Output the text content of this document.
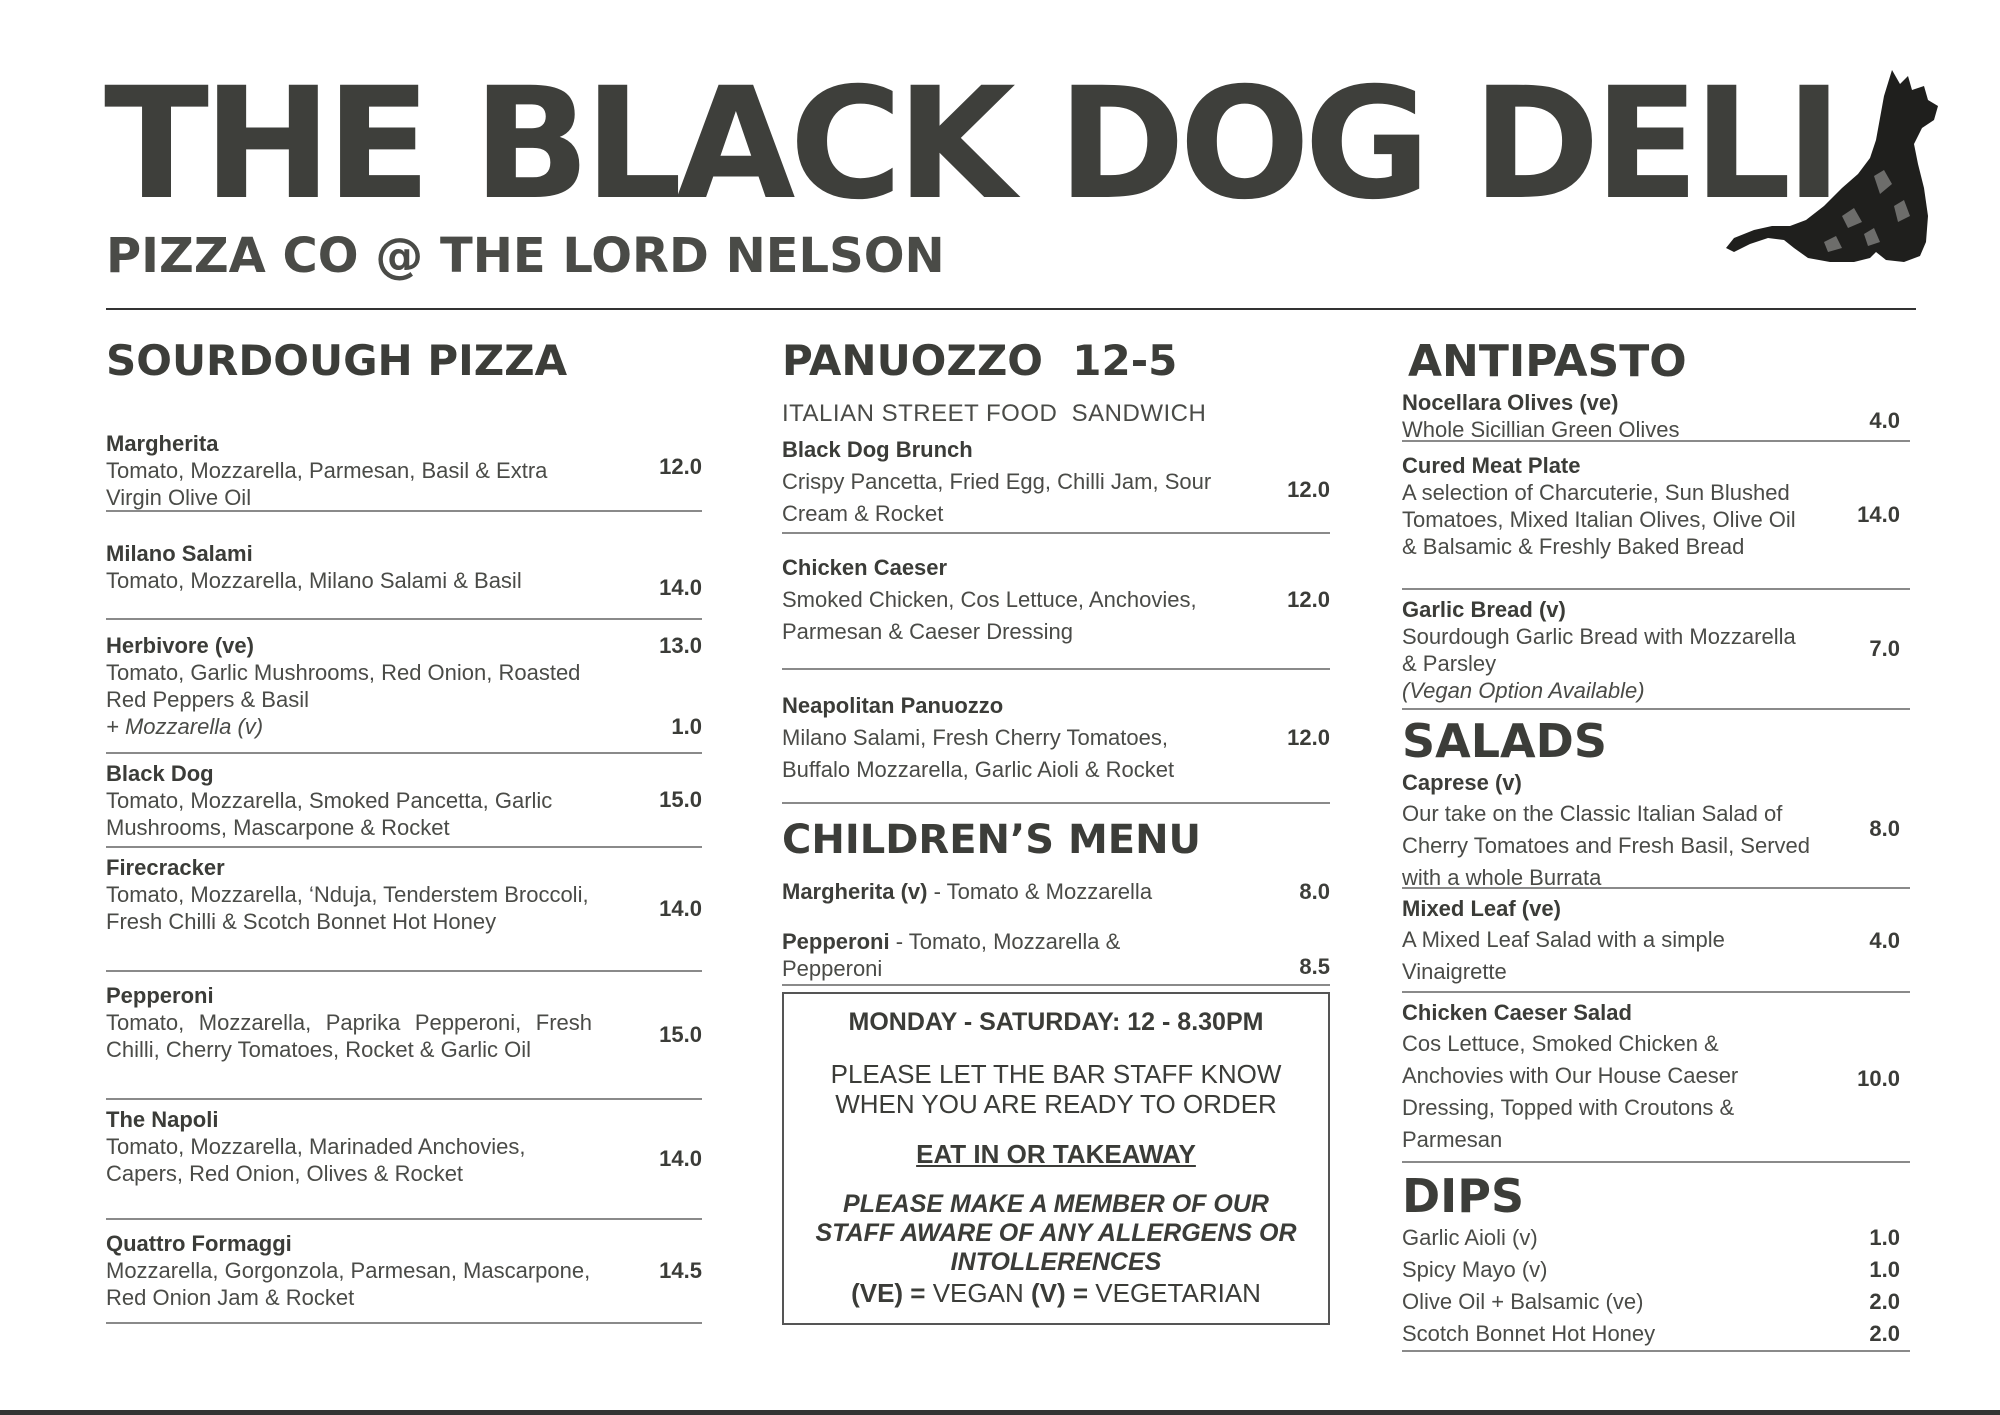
THE BLACK DOG DELI
PIZZA CO @ THE LORD NELSON
SOURDOUGH PIZZA
Margherita
Tomato, Mozzarella, Parmesan, Basil & Extra Virgin Olive Oil
12.0
Milano Salami
Tomato, Mozzarella, Milano Salami & Basil	14.0
Herbivore (ve)	13.0
Tomato, Garlic Mushrooms, Red Onion, Roasted Red Peppers & Basil
+ Mozzarella (v)	1.0
Black Dog
Tomato, Mozzarella, Smoked Pancetta, Garlic Mushrooms, Mascarpone & Rocket
15.0
Firecracker
Tomato, Mozzarella, ‘Nduja, Tenderstem Broccoli, Fresh Chilli & Scotch Bonnet Hot Honey
14.0
Pepperoni
Tomato, Mozzarella, Paprika Pepperoni, Fresh Chilli, Cherry Tomatoes, Rocket & Garlic Oil
15.0
The Napoli
Tomato, Mozzarella, Marinaded Anchovies, Capers, Red Onion, Olives & Rocket
14.0
Quattro Formaggi
Mozzarella, Gorgonzola, Parmesan, Mascarpone, Red Onion Jam & Rocket
14.5
PANUOZZO  12-5
ITALIAN STREET FOOD  SANDWICH
Black Dog Brunch
Crispy Pancetta, Fried Egg, Chilli Jam, Sour Cream & Rocket
12.0
Chicken Caeser
Smoked Chicken, Cos Lettuce, Anchovies, Parmesan & Caeser Dressing
12.0
Neapolitan Panuozzo
Milano Salami, Fresh Cherry Tomatoes, Buffalo Mozzarella, Garlic Aioli & Rocket
12.0
CHILDREN’S MENU
Margherita (v) - Tomato & Mozzarella	8.0
Pepperoni - Tomato, Mozzarella & Pepperoni	8.5
MONDAY - SATURDAY: 12 - 8.30PM
PLEASE LET THE BAR STAFF KNOW WHEN YOU ARE READY TO ORDER
EAT IN OR TAKEAWAY
PLEASE MAKE A MEMBER OF OUR STAFF AWARE OF ANY ALLERGENS OR INTOLLERENCES
(VE) = VEGAN (V) = VEGETARIAN
ANTIPASTO
Nocellara Olives (ve)
Whole Sicillian Green Olives	4.0
Cured Meat Plate
A selection of Charcuterie, Sun Blushed Tomatoes, Mixed Italian Olives, Olive Oil & Balsamic & Freshly Baked Bread
14.0
Garlic Bread (v)
Sourdough Garlic Bread with Mozzarella & Parsley
(Vegan Option Available)
7.0
SALADS
Caprese (v)
Our take on the Classic Italian Salad of Cherry Tomatoes and Fresh Basil, Served with a whole Burrata
8.0
Mixed Leaf (ve)
A Mixed Leaf Salad with a simple Vinaigrette
4.0
Chicken Caeser Salad
Cos Lettuce, Smoked Chicken & Anchovies with Our House Caeser Dressing, Topped with Croutons & Parmesan
10.0
DIPS
Garlic Aioli (v)	1.0
Spicy Mayo (v)	1.0
Olive Oil + Balsamic (ve)	2.0
Scotch Bonnet Hot Honey	2.0
